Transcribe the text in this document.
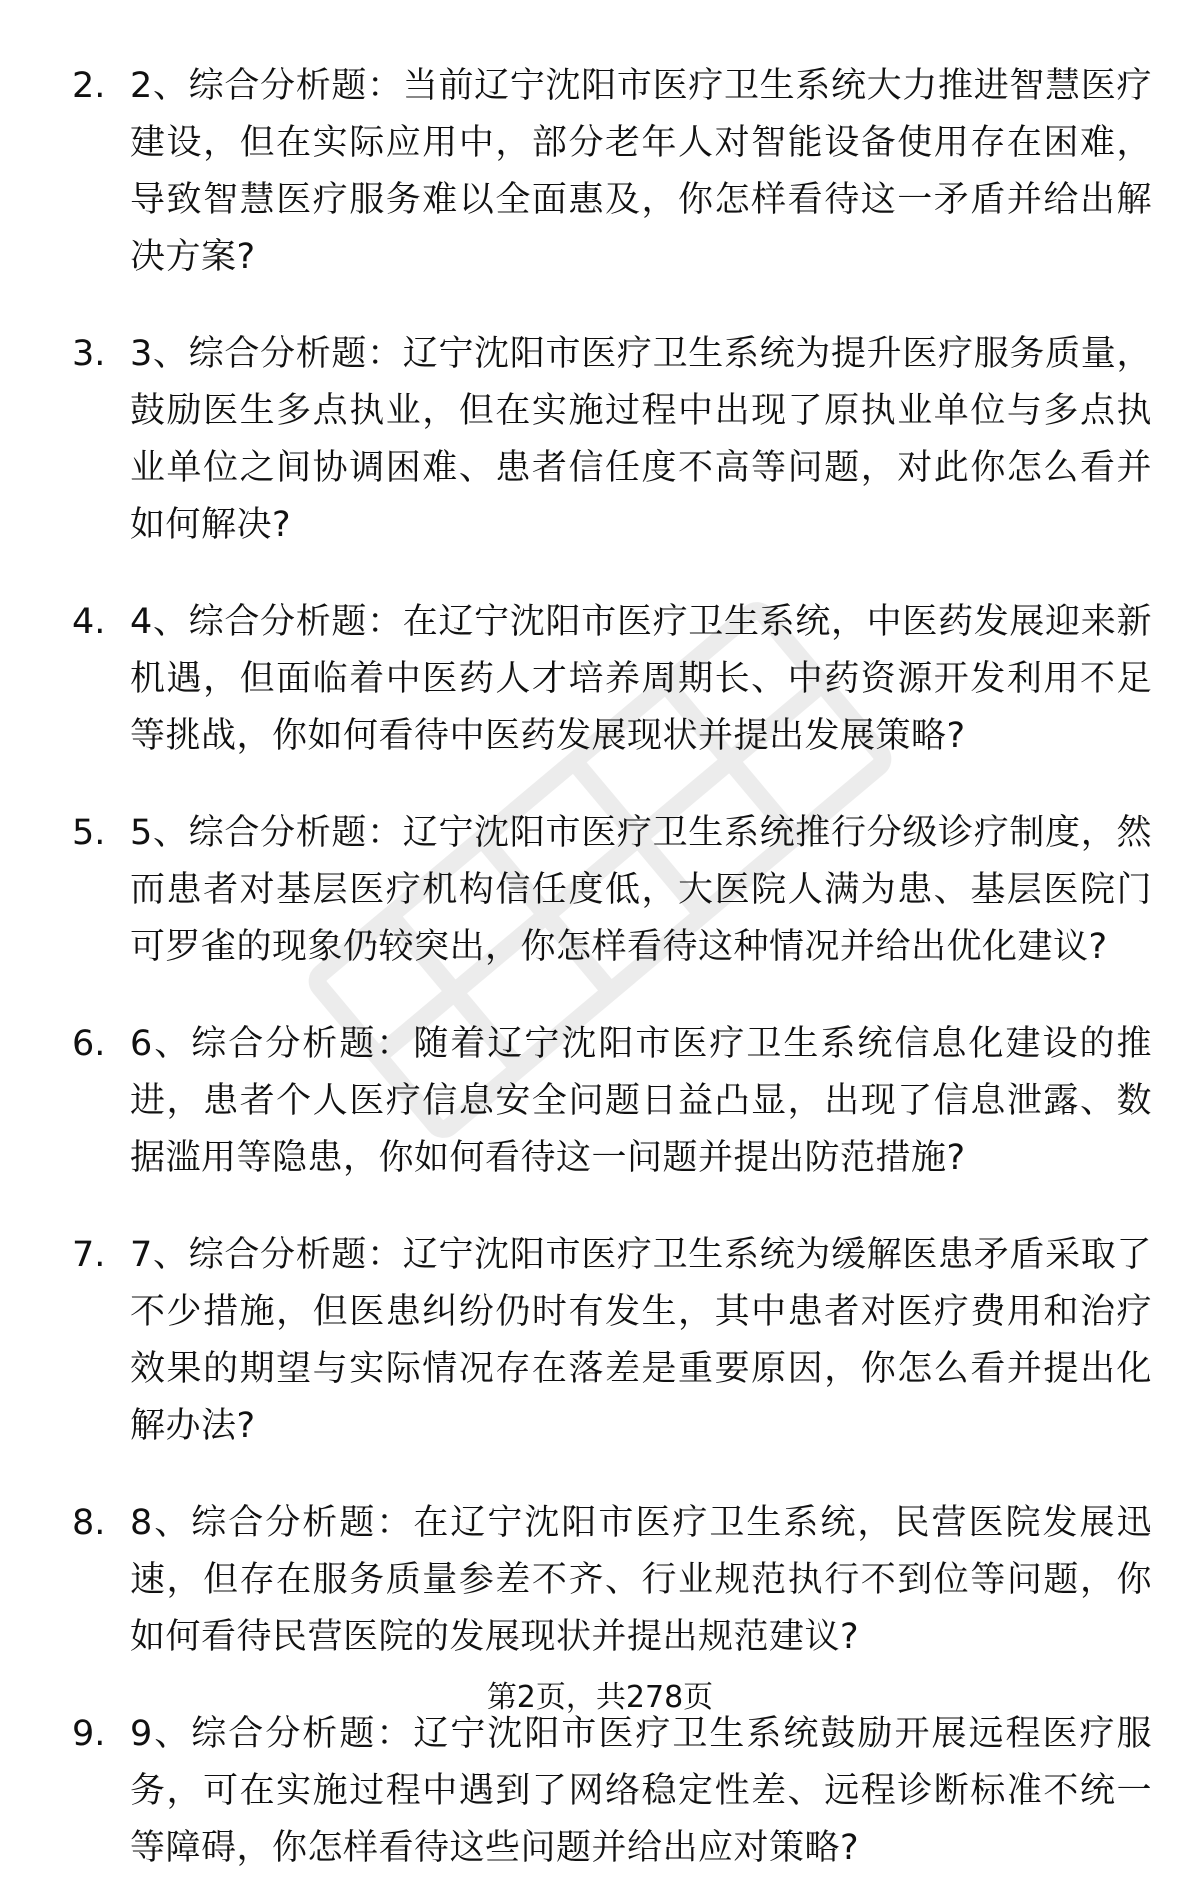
2. 2、综合分析题：当前辽宁沈阳市医疗卫生系统大力推进智慧医疗建设，但在实际应用中，部分老年人对智能设备使用存在困难，导致智慧医疗服务难以全面惠及，你怎样看待这一矛盾并给出解决方案?
3. 3、综合分析题：辽宁沈阳市医疗卫生系统为提升医疗服务质量，鼓励医生多点执业，但在实施过程中出现了原执业单位与多点执业单位之间协调困难、患者信任度不高等问题，对此你怎么看并如何解决?
4. 4、综合分析题：在辽宁沈阳市医疗卫生系统，中医药发展迎来新机遇，但面临着中医药人才培养周期长、中药资源开发利用不足等挑战，你如何看待中医药发展现状并提出发展策略?
5. 5、综合分析题：辽宁沈阳市医疗卫生系统推行分级诊疗制度，然而患者对基层医疗机构信任度低，大医院人满为患、基层医院门可罗雀的现象仍较突出，你怎样看待这种情况并给出优化建议?
6. 6、综合分析题：随着辽宁沈阳市医疗卫生系统信息化建设的推进，患者个人医疗信息安全问题日益凸显，出现了信息泄露、数据滥用等隐患，你如何看待这一问题并提出防范措施?
7. 7、综合分析题：辽宁沈阳市医疗卫生系统为缓解医患矛盾采取了不少措施，但医患纠纷仍时有发生，其中患者对医疗费用和治疗效果的期望与实际情况存在落差是重要原因，你怎么看并提出化解办法?
8. 8、综合分析题：在辽宁沈阳市医疗卫生系统，民营医院发展迅速，但存在服务质量参差不齐、行业规范执行不到位等问题，你如何看待民营医院的发展现状并提出规范建议?
9. 9、综合分析题：辽宁沈阳市医疗卫生系统鼓励开展远程医疗服务，可在实施过程中遇到了网络稳定性差、远程诊断标准不统一等障碍，你怎样看待这些问题并给出应对策略?
第2页，共278页
